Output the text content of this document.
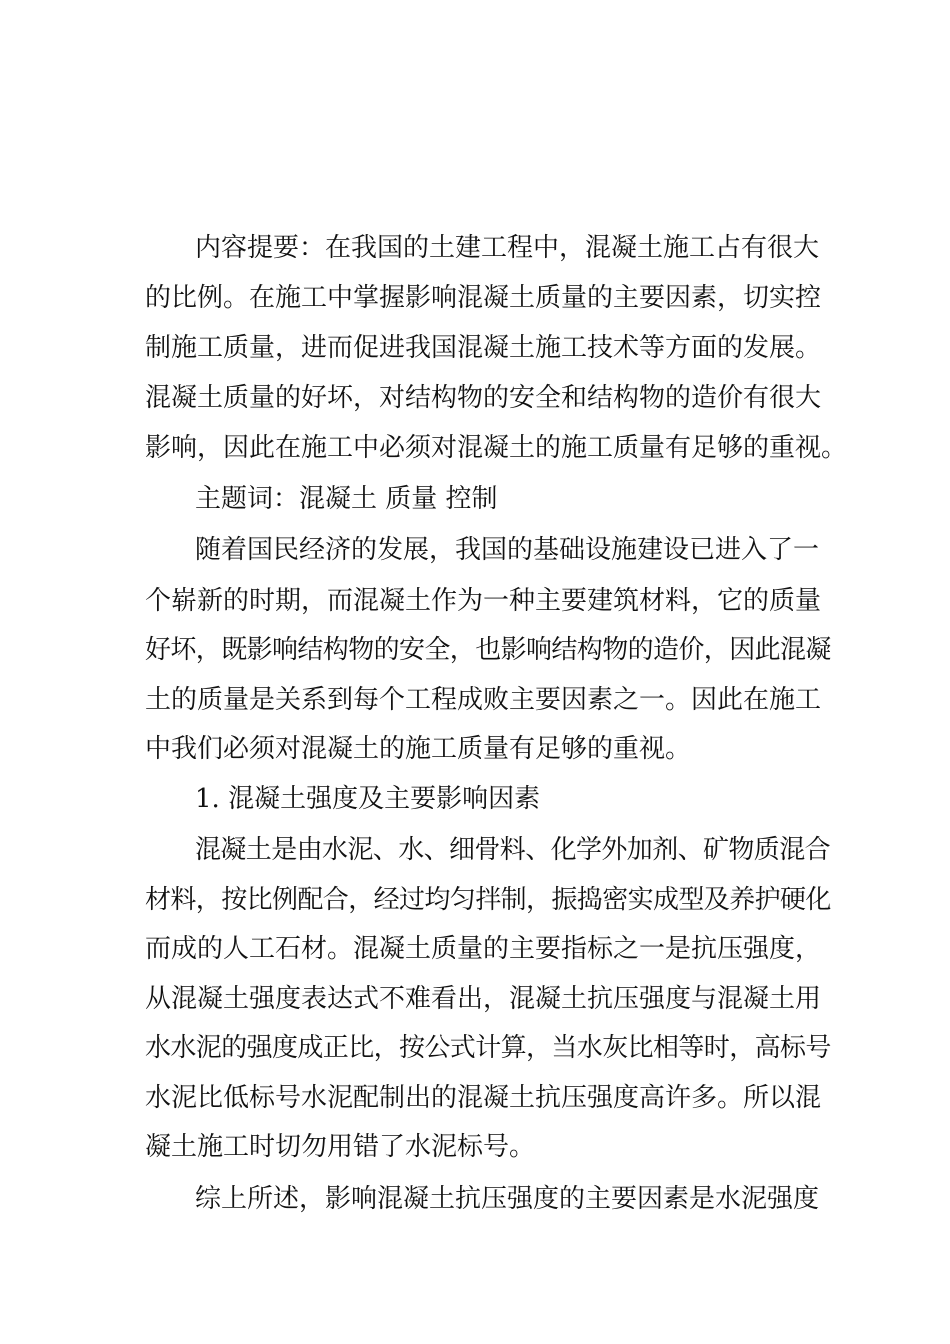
内容提要：在我国的土建工程中，混凝土施工占有很大
的比例。在施工中掌握影响混凝土质量的主要因素，切实控
制施工质量，进而促进我国混凝土施工技术等方面的发展。
混凝土质量的好坏，对结构物的安全和结构物的造价有很大
影响，因此在施工中必须对混凝土的施工质量有足够的重视。
主题词：混凝土 质量 控制
随着国民经济的发展，我国的基础设施建设已进入了一
个崭新的时期，而混凝土作为一种主要建筑材料，它的质量
好坏，既影响结构物的安全，也影响结构物的造价，因此混凝
土的质量是关系到每个工程成败主要因素之一。因此在施工
中我们必须对混凝土的施工质量有足够的重视。
1. 混凝土强度及主要影响因素
混凝土是由水泥、水、细骨料、化学外加剂、矿物质混合
材料，按比例配合，经过均匀拌制，振捣密实成型及养护硬化
而成的人工石材。混凝土质量的主要指标之一是抗压强度，
从混凝土强度表达式不难看出，混凝土抗压强度与混凝土用
水水泥的强度成正比，按公式计算，当水灰比相等时，高标号
水泥比低标号水泥配制出的混凝土抗压强度高许多。所以混
凝土施工时切勿用错了水泥标号。
综上所述，影响混凝土抗压强度的主要因素是水泥强度
